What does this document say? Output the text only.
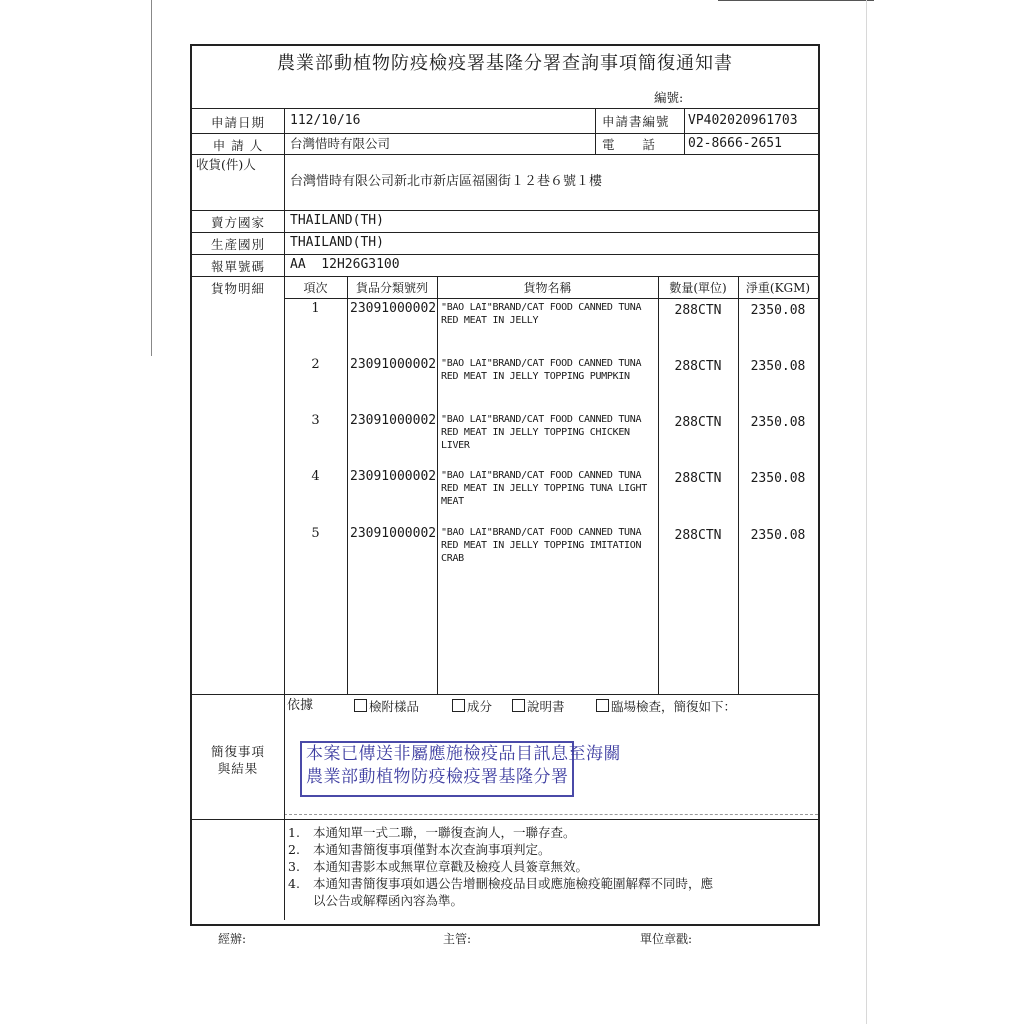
農業部動植物防疫檢疫署基隆分署查詢事項簡復通知書
編號:
申請日期	112/10/16	申請書編號 VP402020961703
申 請 人	台灣惜時有限公司	電       話	02-8666-2651
收貨(件)人
台灣惜時有限公司新北市新店區福園街１２巷６號１樓
賣方國家	THAILAND(TH)
生產國別	THAILAND(TH)
報單號碼	AA  12H26G3100
貨物明細	項次	貨品分類號列	貨物名稱	數量(單位)	淨重(KGM)
1	23091000002 "BAO LAI"BRAND/CAT FOOD CANNED TUNA
RED MEAT IN JELLY
288CTN	2350.08
2	23091000002 "BAO LAI"BRAND/CAT FOOD CANNED TUNA
RED MEAT IN JELLY TOPPING PUMPKIN
288CTN	2350.08
3	23091000002 "BAO LAI"BRAND/CAT FOOD CANNED TUNA
RED MEAT IN JELLY TOPPING CHICKEN
LIVER
288CTN	2350.08
4	23091000002 "BAO LAI"BRAND/CAT FOOD CANNED TUNA
RED MEAT IN JELLY TOPPING TUNA LIGHT
MEAT
288CTN	2350.08
5	23091000002 "BAO LAI"BRAND/CAT FOOD CANNED TUNA
RED MEAT IN JELLY TOPPING IMITATION
CRAB
288CTN	2350.08
依據	檢附樣品	成分	說明書	臨場檢查，簡復如下：
簡復事項
與結果
本案已傳送非屬應施檢疫品目訊息至海關
農業部動植物防疫檢疫署基隆分署
1. 本通知單一式二聯，一聯復查詢人，一聯存查。
2. 本通知書簡復事項僅對本次查詢事項判定。
3. 本通知書影本或無單位章戳及檢疫人員簽章無效。
4. 本通知書簡復事項如遇公告增刪檢疫品目或應施檢疫範圍解釋不同時，應
以公告或解釋函內容為準。
經辦:	主管:	單位章戳:
